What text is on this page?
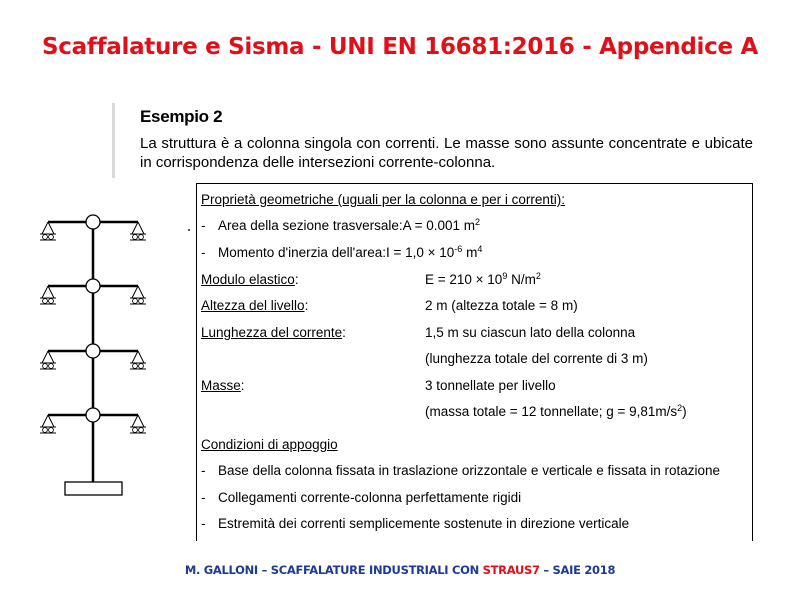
Scaffalature e Sisma - UNI EN 16681:2016 - Appendice A
Esempio 2
La struttura è a colonna singola con correnti. Le masse sono assunte concentrate e ubicate in corrispondenza delle intersezioni corrente-colonna.
Proprietà geometriche (uguali per la colonna e per i correnti):
- Area della sezione trasversale:A = 0.001 $m^2$
- Momento d'inerzia dell'area:I = $1,0 \times 10^{-6}$ $m^4$
Modulo elastico:	$E = 210 \times 10^9$ $N/m^2$
Altezza del livello:	2 m (altezza totale = 8 m)
Lunghezza del corrente:	1,5 m su ciascun lato della colonna
(lunghezza totale del corrente di 3 m)
Masse:	3 tonnellate per livello
(massa totale = 12 tonnellate; $g = 9,81m/s^2$)
Condizioni di appoggio
- Base della colonna fissata in traslazione orizzontale e verticale e fissata in rotazione
- Collegamenti corrente-colonna perfettamente rigidi
- Estremità dei correnti semplicemente sostenute in direzione verticale
M. GALLONI – SCAFFALATURE INDUSTRIALI CON STRAUS7 – SAIE 2018
